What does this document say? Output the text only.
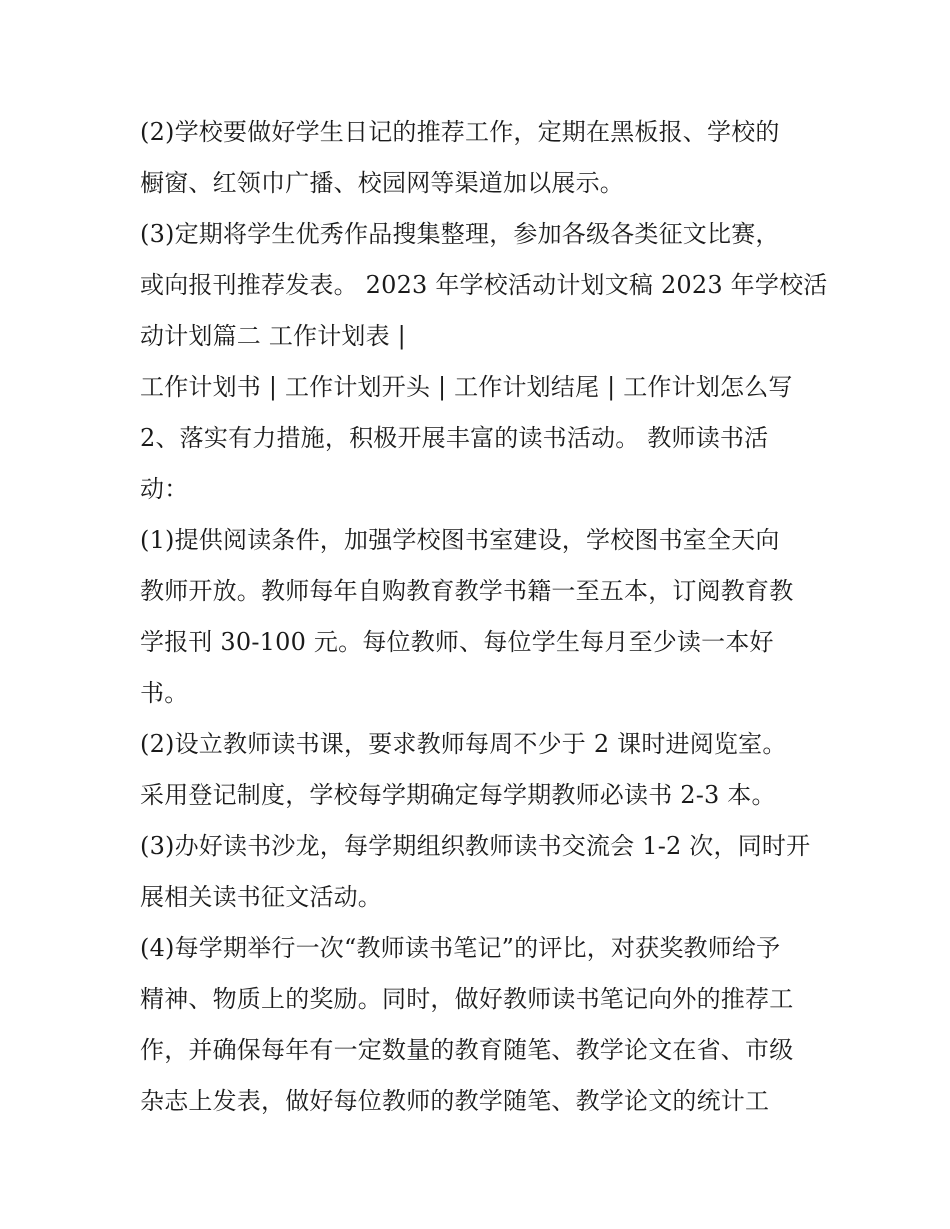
(2)学校要做好学生日记的推荐工作，定期在黑板报、学校的
橱窗、红领巾广播、校园网等渠道加以展示。
(3)定期将学生优秀作品搜集整理，参加各级各类征文比赛，
或向报刊推荐发表。 2023 年学校活动计划文稿 2023 年学校活
动计划篇二 工作计划表 |
工作计划书 | 工作计划开头 | 工作计划结尾 | 工作计划怎么写
2、落实有力措施，积极开展丰富的读书活动。 教师读书活
动：
(1)提供阅读条件，加强学校图书室建设，学校图书室全天向
教师开放。教师每年自购教育教学书籍一至五本，订阅教育教
学报刊 30-100 元。每位教师、每位学生每月至少读一本好
书。
(2)设立教师读书课，要求教师每周不少于 2 课时进阅览室。
采用登记制度，学校每学期确定每学期教师必读书 2-3 本。
(3)办好读书沙龙，每学期组织教师读书交流会 1-2 次，同时开
展相关读书征文活动。
(4)每学期举行一次“教师读书笔记”的评比，对获奖教师给予
精神、物质上的奖励。同时，做好教师读书笔记向外的推荐工
作，并确保每年有一定数量的教育随笔、教学论文在省、市级
杂志上发表，做好每位教师的教学随笔、教学论文的统计工
